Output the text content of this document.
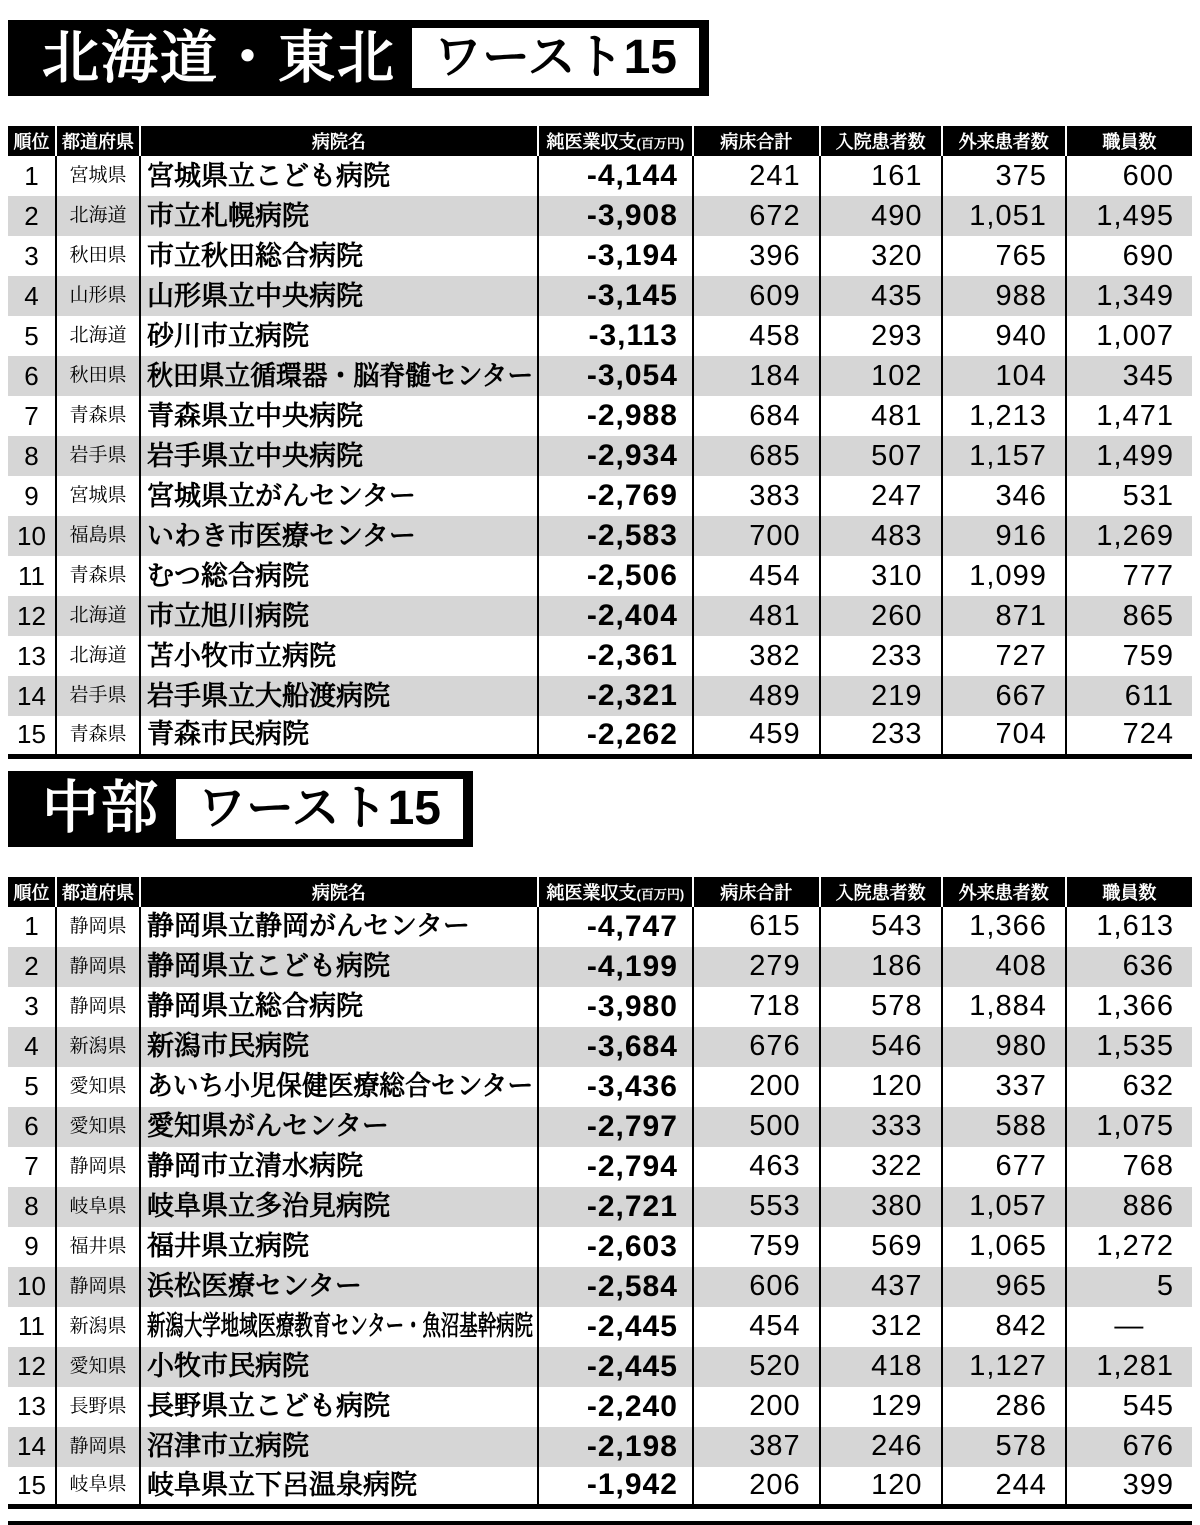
北海道・東北 ワースト15
順位	都道府県	病院名	純医業収支(百万円)	病床合計	入院患者数	外来患者数	職員数
1	宮城県	宮城県立こども病院	-4,144	241	161	375	600
2	北海道	市立札幌病院	-3,908	672	490	1,051	1,495
3	秋田県	市立秋田総合病院	-3,194	396	320	765	690
4	山形県	山形県立中央病院	-3,145	609	435	988	1,349
5	北海道	砂川市立病院	-3,113	458	293	940	1,007
6	秋田県	秋田県立循環器・脳脊髄センター	-3,054	184	102	104	345
7	青森県	青森県立中央病院	-2,988	684	481	1,213	1,471
8	岩手県	岩手県立中央病院	-2,934	685	507	1,157	1,499
9	宮城県	宮城県立がんセンター	-2,769	383	247	346	531
10	福島県	いわき市医療センター	-2,583	700	483	916	1,269
11	青森県	むつ総合病院	-2,506	454	310	1,099	777
12	北海道	市立旭川病院	-2,404	481	260	871	865
13	北海道	苫小牧市立病院	-2,361	382	233	727	759
14	岩手県	岩手県立大船渡病院	-2,321	489	219	667	611
15	青森県	青森市民病院	-2,262	459	233	704	724
中部 ワースト15
順位	都道府県	病院名	純医業収支(百万円)	病床合計	入院患者数	外来患者数	職員数
1	静岡県	静岡県立静岡がんセンター	-4,747	615	543	1,366	1,613
2	静岡県	静岡県立こども病院	-4,199	279	186	408	636
3	静岡県	静岡県立総合病院	-3,980	718	578	1,884	1,366
4	新潟県	新潟市民病院	-3,684	676	546	980	1,535
5	愛知県	あいち小児保健医療総合センター	-3,436	200	120	337	632
6	愛知県	愛知県がんセンター	-2,797	500	333	588	1,075
7	静岡県	静岡市立清水病院	-2,794	463	322	677	768
8	岐阜県	岐阜県立多治見病院	-2,721	553	380	1,057	886
9	福井県	福井県立病院	-2,603	759	569	1,065	1,272
10	静岡県	浜松医療センター	-2,584	606	437	965	5
11	新潟県	新潟大学地域医療教育センター・魚沼基幹病院	-2,445	454	312	842	—
12	愛知県	小牧市民病院	-2,445	520	418	1,127	1,281
13	長野県	長野県立こども病院	-2,240	200	129	286	545
14	静岡県	沼津市立病院	-2,198	387	246	578	676
15	岐阜県	岐阜県立下呂温泉病院	-1,942	206	120	244	399
